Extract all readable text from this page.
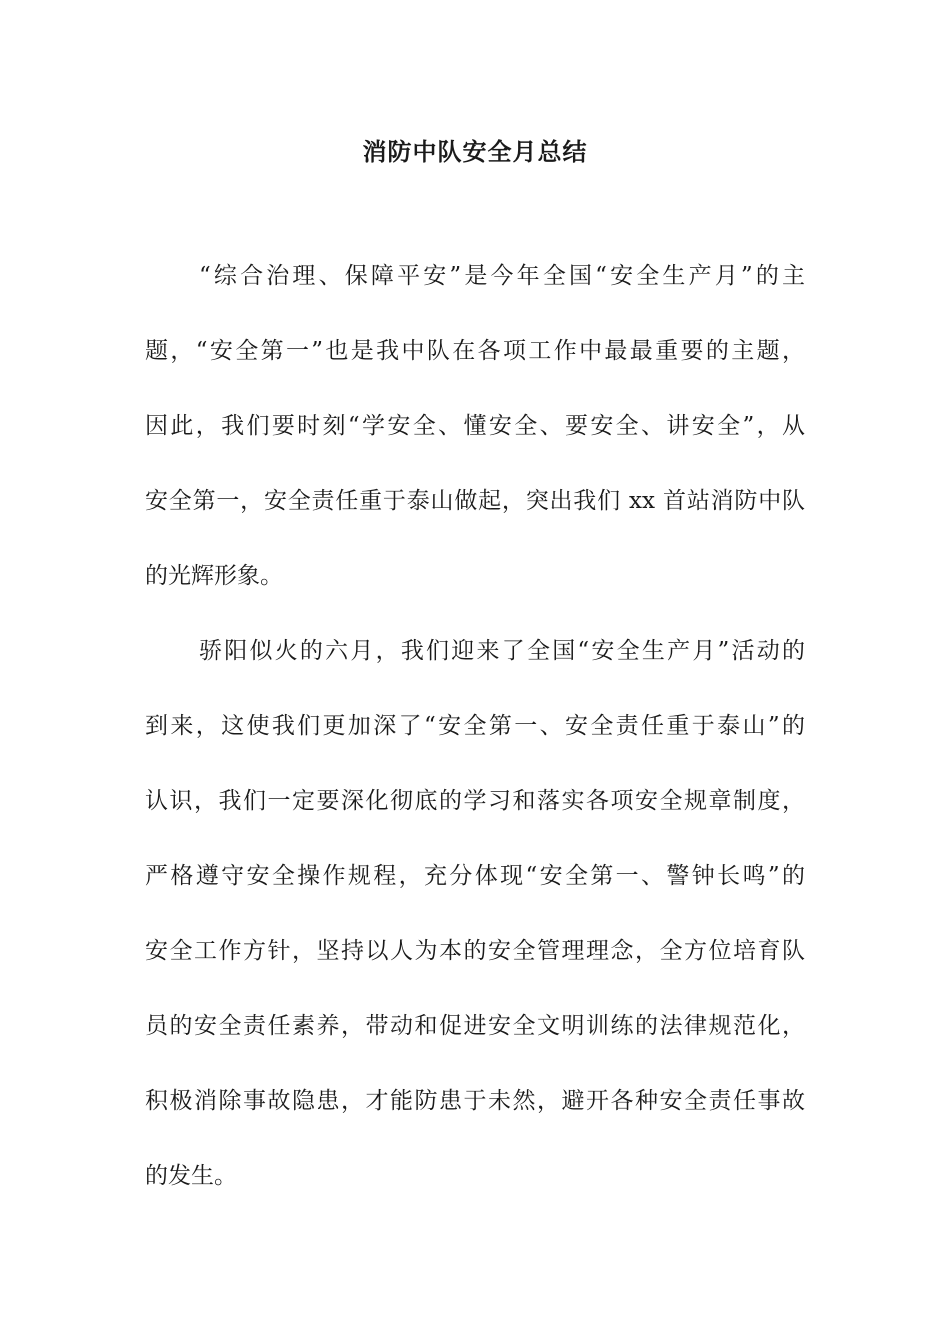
消防中队安全月总结
“综合治理、保障平安”是今年全国“安全生产月”的主
题，“安全第一”也是我中队在各项工作中最最重要的主题，
因此，我们要时刻“学安全、懂安全、要安全、讲安全”，从
安全第一，安全责任重于泰山做起，突出我们 xx 首站消防中队
的光辉形象。
骄阳似火的六月，我们迎来了全国“安全生产月”活动的
到来，这使我们更加深了“安全第一、安全责任重于泰山”的
认识，我们一定要深化彻底的学习和落实各项安全规章制度，
严格遵守安全操作规程，充分体现“安全第一、警钟长鸣”的
安全工作方针，坚持以人为本的安全管理理念，全方位培育队
员的安全责任素养，带动和促进安全文明训练的法律规范化，
积极消除事故隐患，才能防患于未然，避开各种安全责任事故
的发生。
